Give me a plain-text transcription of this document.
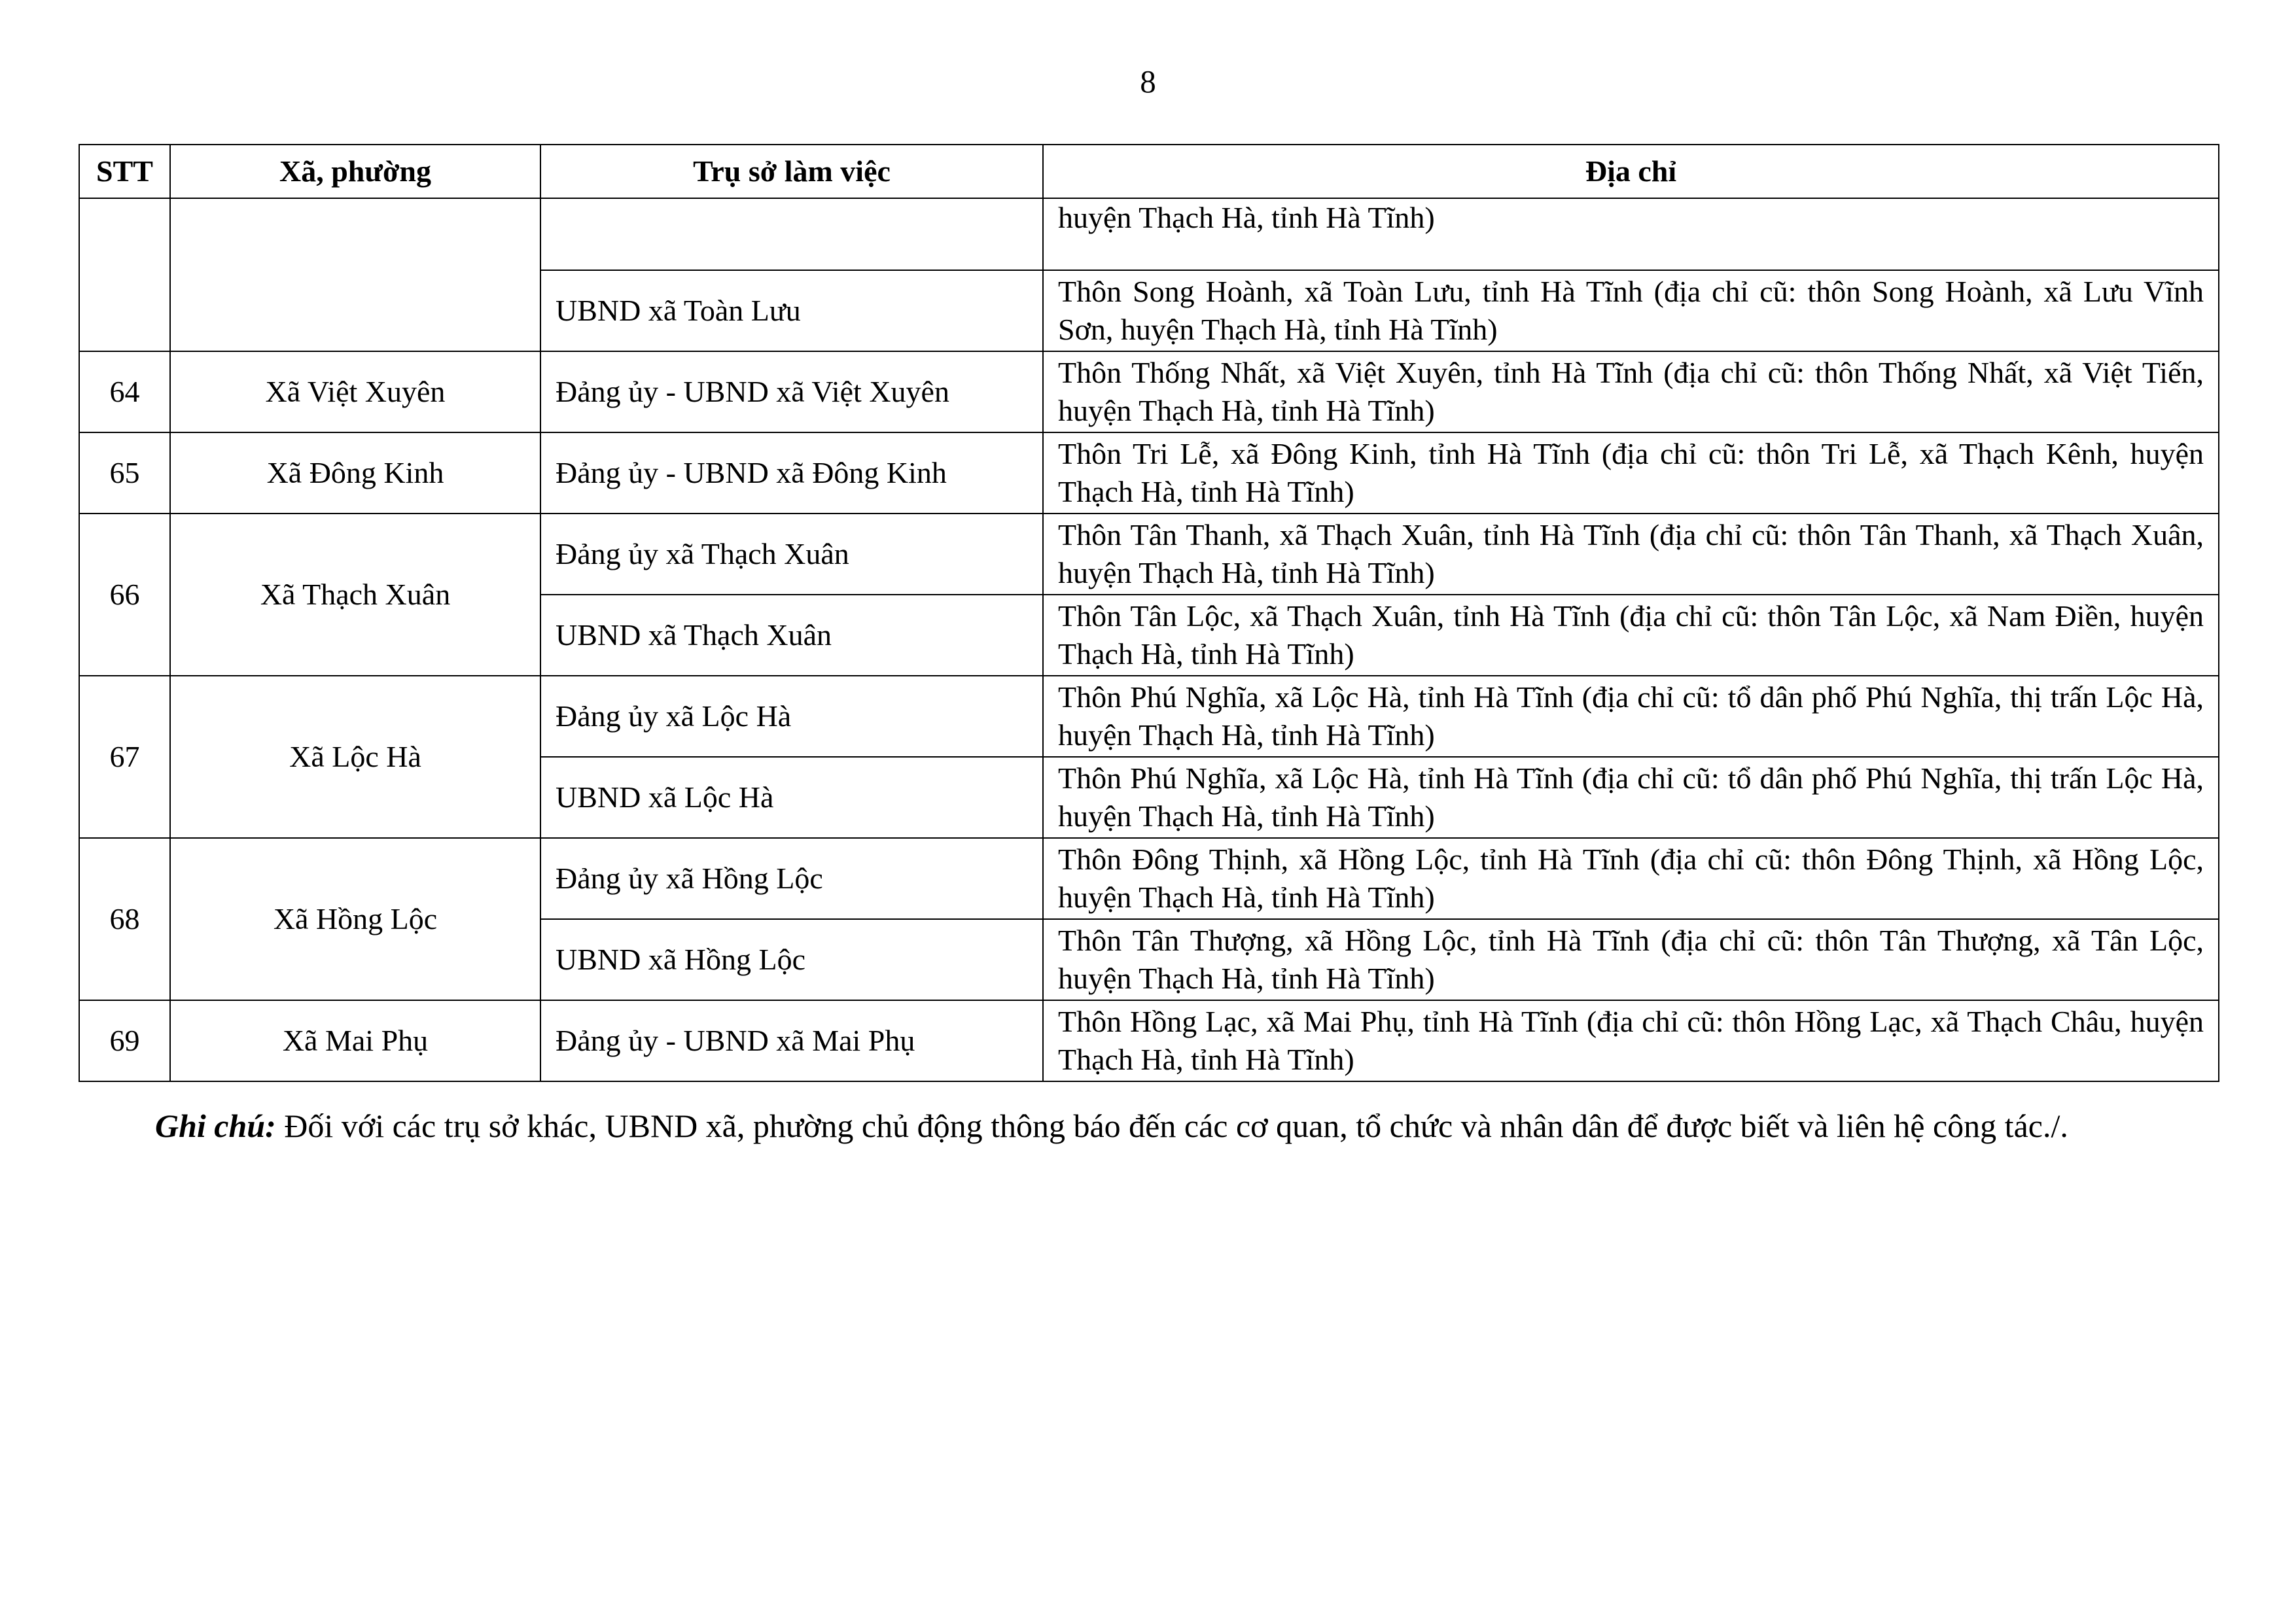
8
STT	Xã, phường	Trụ sở làm việc	Địa chỉ
			huyện Thạch Hà, tỉnh Hà Tĩnh)
		UBND xã Toàn Lưu	Thôn Song Hoành, xã Toàn Lưu, tỉnh Hà Tĩnh (địa chỉ cũ: thôn Song Hoành, xã Lưu Vĩnh Sơn, huyện Thạch Hà, tỉnh Hà Tĩnh)
64	Xã Việt Xuyên	Đảng ủy - UBND xã Việt Xuyên	Thôn Thống Nhất, xã Việt Xuyên, tỉnh Hà Tĩnh (địa chỉ cũ: thôn Thống Nhất, xã Việt Tiến, huyện Thạch Hà, tỉnh Hà Tĩnh)
65	Xã Đông Kinh	Đảng ủy - UBND xã Đông Kinh	Thôn Tri Lễ, xã Đông Kinh, tỉnh Hà Tĩnh (địa chỉ cũ: thôn Tri Lễ, xã Thạch Kênh, huyện Thạch Hà, tỉnh Hà Tĩnh)
66	Xã Thạch Xuân	Đảng ủy xã Thạch Xuân	Thôn Tân Thanh, xã Thạch Xuân, tỉnh Hà Tĩnh (địa chỉ cũ: thôn Tân Thanh, xã Thạch Xuân, huyện Thạch Hà, tỉnh Hà Tĩnh)
		UBND xã Thạch Xuân	Thôn Tân Lộc, xã Thạch Xuân, tỉnh Hà Tĩnh (địa chỉ cũ: thôn Tân Lộc, xã Nam Điền, huyện Thạch Hà, tỉnh Hà Tĩnh)
67	Xã Lộc Hà	Đảng ủy xã Lộc Hà	Thôn Phú Nghĩa, xã Lộc Hà, tỉnh Hà Tĩnh (địa chỉ cũ: tổ dân phố Phú Nghĩa, thị trấn Lộc Hà, huyện Thạch Hà, tỉnh Hà Tĩnh)
		UBND xã Lộc Hà	Thôn Phú Nghĩa, xã Lộc Hà, tỉnh Hà Tĩnh (địa chỉ cũ: tổ dân phố Phú Nghĩa, thị trấn Lộc Hà, huyện Thạch Hà, tỉnh Hà Tĩnh)
68	Xã Hồng Lộc	Đảng ủy xã Hồng Lộc	Thôn Đông Thịnh, xã Hồng Lộc, tỉnh Hà Tĩnh (địa chỉ cũ: thôn Đông Thịnh, xã Hồng Lộc, huyện Thạch Hà, tỉnh Hà Tĩnh)
		UBND xã Hồng Lộc	Thôn Tân Thượng, xã Hồng Lộc, tỉnh Hà Tĩnh (địa chỉ cũ: thôn Tân Thượng, xã Tân Lộc, huyện Thạch Hà, tỉnh Hà Tĩnh)
69	Xã Mai Phụ	Đảng ủy - UBND xã Mai Phụ	Thôn Hồng Lạc, xã Mai Phụ, tỉnh Hà Tĩnh (địa chỉ cũ: thôn Hồng Lạc, xã Thạch Châu, huyện Thạch Hà, tỉnh Hà Tĩnh)
Ghi chú: Đối với các trụ sở khác, UBND xã, phường chủ động thông báo đến các cơ quan, tổ chức và nhân dân để được biết và liên hệ công tác./.
